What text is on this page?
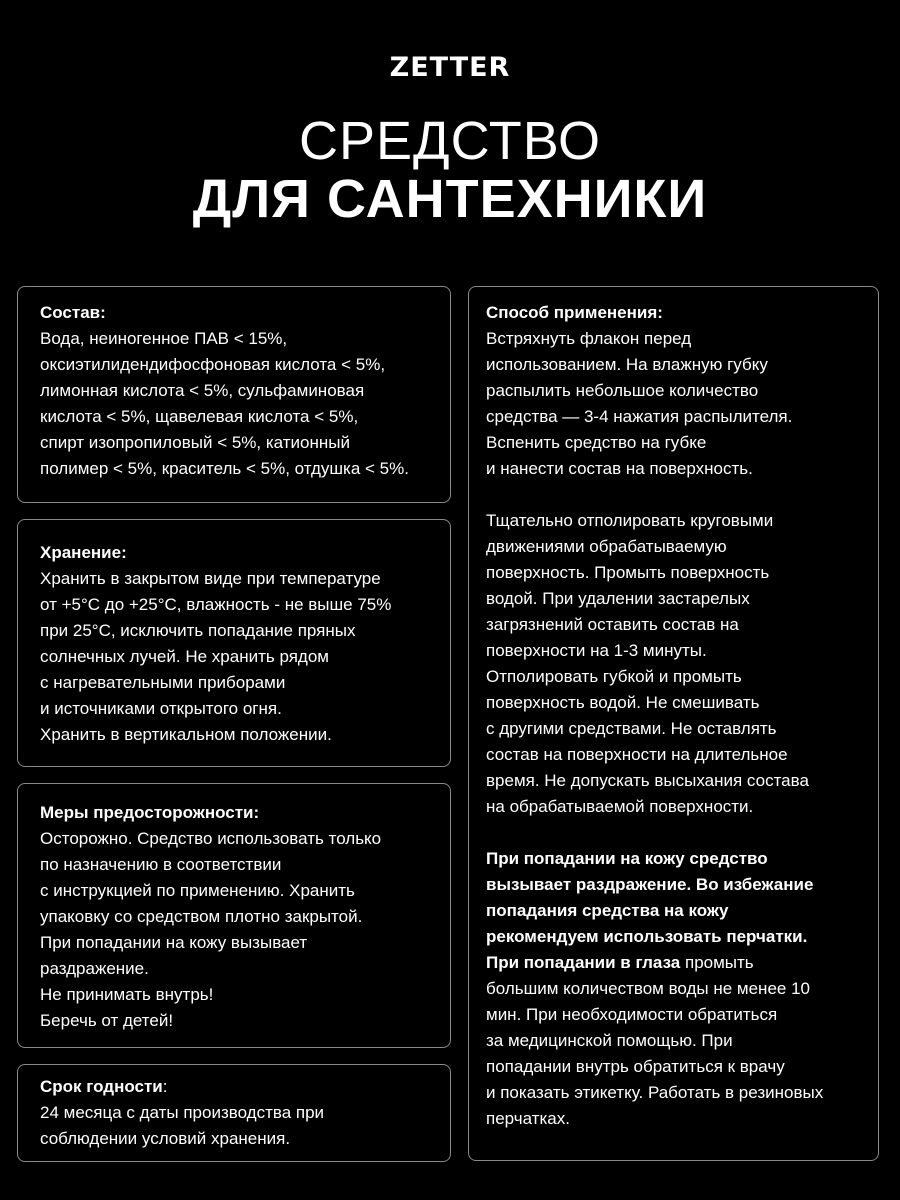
ZETTER
СРЕДСТВО
ДЛЯ САНТЕХНИКИ
Состав:
Вода, неиногенное ПАВ < 15%,
оксиэтилидендифосфоновая кислота < 5%,
лимонная кислота < 5%, сульфаминовая
кислота < 5%, щавелевая кислота < 5%,
спирт изопропиловый < 5%, катионный
полимер < 5%, краситель < 5%, отдушка < 5%.
Хранение:
Хранить в закрытом виде при температуре
от +5°С до +25°С, влажность - не выше 75%
при 25°С, исключить попадание пряных
солнечных лучей. Не хранить рядом
с нагревательными приборами
и источниками открытого огня.
Хранить в вертикальном положении.
Меры предосторожности:
Осторожно. Средство использовать только
по назначению в соответствии
с инструкцией по применению. Хранить
упаковку со средством плотно закрытой.
При попадании на кожу вызывает
раздражение.
Не принимать внутрь!
Беречь от детей!
Срок годности:
24 месяца с даты производства при
соблюдении условий хранения.
Способ применения:
Встряхнуть флакон перед
использованием. На влажную губку
распылить небольшое количество
средства — 3-4 нажатия распылителя.
Вспенить средство на губке
и нанести состав на поверхность.
Тщательно отполировать круговыми
движениями обрабатываемую
поверхность. Промыть поверхность
водой. При удалении застарелых
загрязнений оставить состав на
поверхности на 1-3 минуты.
Отполировать губкой и промыть
поверхность водой. Не смешивать
с другими средствами. Не оставлять
состав на поверхности на длительное
время. Не допускать высыхания состава
на обрабатываемой поверхности.
При попадании на кожу средство
вызывает раздражение. Во избежание
попадания средства на кожу
рекомендуем использовать перчатки.
При попадании в глаза промыть
большим количеством воды не менее 10
мин. При необходимости обратиться
за медицинской помощью. При
попадании внутрь обратиться к врачу
и показать этикетку. Работать в резиновых
перчатках.
